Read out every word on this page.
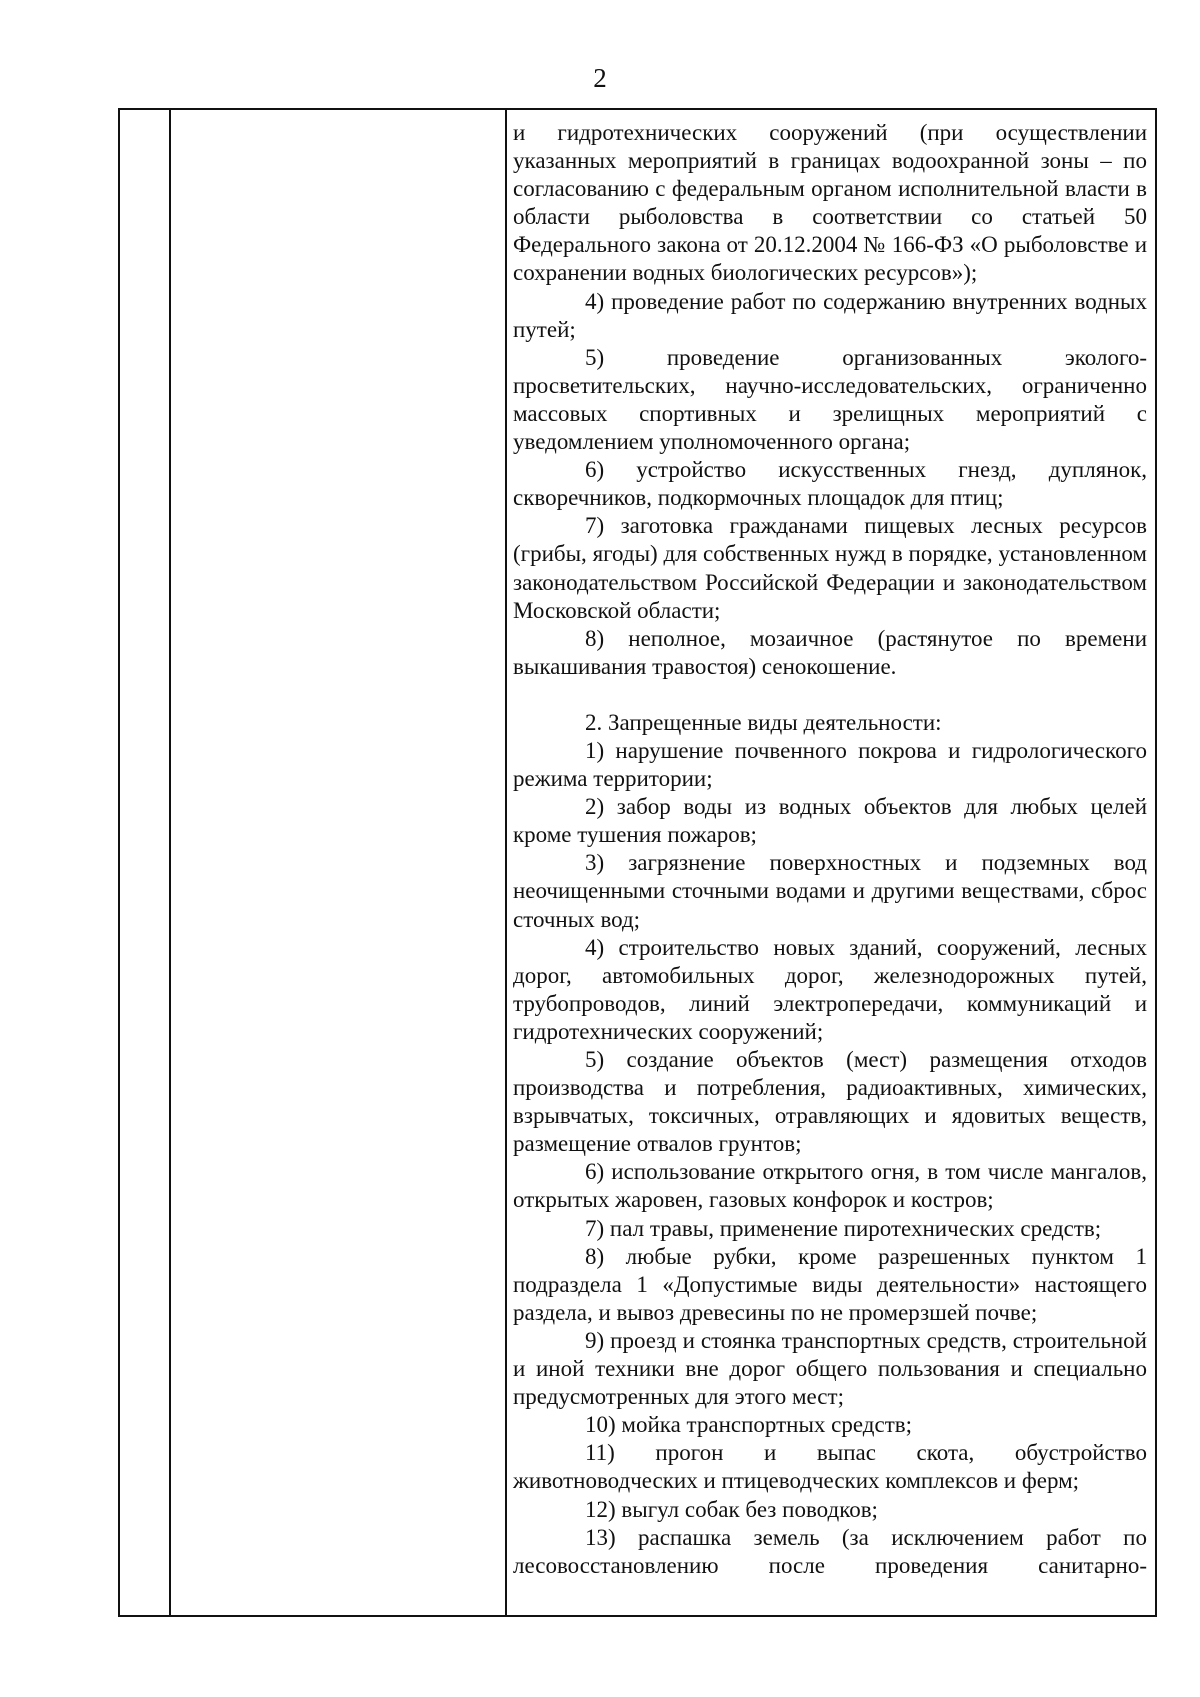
2

и гидротехнических сооружений (при осуществлении указанных мероприятий в границах водоохранной зоны – по согласованию с федеральным органом исполнительной власти в области рыболовства в соответствии со статьей 50 Федерального закона от 20.12.2004 № 166-ФЗ «О рыболовстве и сохранении водных биологических ресурсов»);

4) проведение работ по содержанию внутренних водных путей;

5) проведение организованных эколого-просветительских, научно-исследовательских, ограниченно массовых спортивных и зрелищных мероприятий с уведомлением уполномоченного органа;

6) устройство искусственных гнезд, дуплянок, скворечников, подкормочных площадок для птиц;

7) заготовка гражданами пищевых лесных ресурсов (грибы, ягоды) для собственных нужд в порядке, установленном законодательством Российской Федерации и законодательством Московской области;

8) неполное, мозаичное (растянутое по времени выкашивания травостоя) сенокошение.

2. Запрещенные виды деятельности:

1) нарушение почвенного покрова и гидрологического режима территории;

2) забор воды из водных объектов для любых целей кроме тушения пожаров;

3) загрязнение поверхностных и подземных вод неочищенными сточными водами и другими веществами, сброс сточных вод;

4) строительство новых зданий, сооружений, лесных дорог, автомобильных дорог, железнодорожных путей, трубопроводов, линий электропередачи, коммуникаций и гидротехнических сооружений;

5) создание объектов (мест) размещения отходов производства и потребления, радиоактивных, химических, взрывчатых, токсичных, отравляющих и ядовитых веществ, размещение отвалов грунтов;

6) использование открытого огня, в том числе мангалов, открытых жаровен, газовых конфорок и костров;

7) пал травы, применение пиротехнических средств;

8) любые рубки, кроме разрешенных пунктом 1 подраздела 1 «Допустимые виды деятельности» настоящего раздела, и вывоз древесины по не промерзшей почве;

9) проезд и стоянка транспортных средств, строительной и иной техники вне дорог общего пользования и специально предусмотренных для этого мест;

10) мойка транспортных средств;

11) прогон и выпас скота, обустройство животноводческих и птицеводческих комплексов и ферм;

12) выгул собак без поводков;

13) распашка земель (за исключением работ по лесовосстановлению после проведения санитарно-
